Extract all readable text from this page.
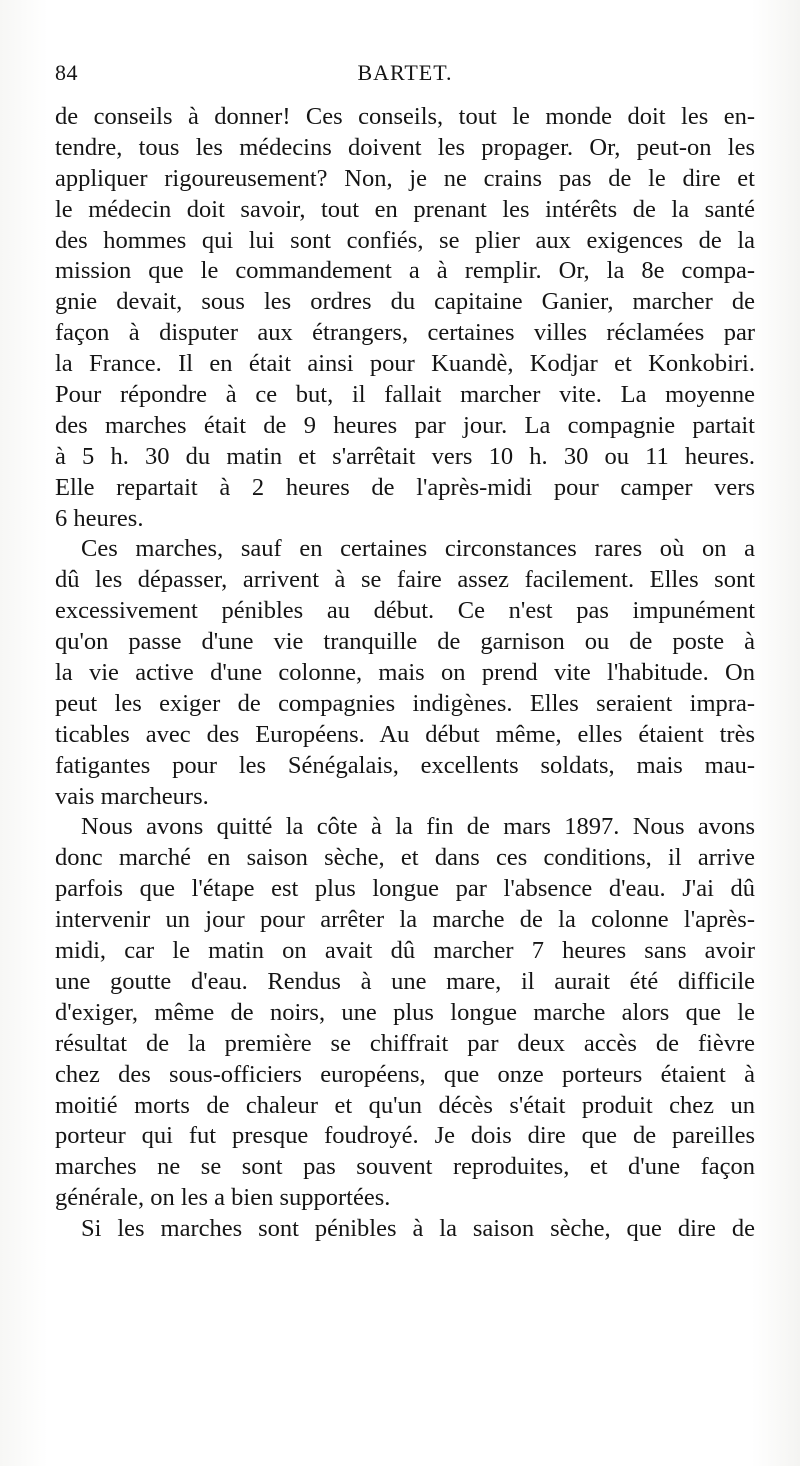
84	BARTET.
de conseils à donner! Ces conseils, tout le monde doit les en-
tendre, tous les médecins doivent les propager. Or, peut-on les
appliquer rigoureusement? Non, je ne crains pas de le dire et
le médecin doit savoir, tout en prenant les intérêts de la santé
des hommes qui lui sont confiés, se plier aux exigences de la
mission que le commandement a à remplir. Or, la 8e compa-
gnie devait, sous les ordres du capitaine Ganier, marcher de
façon à disputer aux étrangers, certaines villes réclamées par
la France. Il en était ainsi pour Kuandè, Kodjar et Konkobiri.
Pour répondre à ce but, il fallait marcher vite. La moyenne
des marches était de 9 heures par jour. La compagnie partait
à 5 h. 30 du matin et s'arrêtait vers 10 h. 30 ou 11 heures.
Elle repartait à 2 heures de l'après-midi pour camper vers
6 heures.
Ces marches, sauf en certaines circonstances rares où on a
dû les dépasser, arrivent à se faire assez facilement. Elles sont
excessivement pénibles au début. Ce n'est pas impunément
qu'on passe d'une vie tranquille de garnison ou de poste à
la vie active d'une colonne, mais on prend vite l'habitude. On
peut les exiger de compagnies indigènes. Elles seraient impra-
ticables avec des Européens. Au début même, elles étaient très
fatigantes pour les Sénégalais, excellents soldats, mais mau-
vais marcheurs.
Nous avons quitté la côte à la fin de mars 1897. Nous avons
donc marché en saison sèche, et dans ces conditions, il arrive
parfois que l'étape est plus longue par l'absence d'eau. J'ai dû
intervenir un jour pour arrêter la marche de la colonne l'après-
midi, car le matin on avait dû marcher 7 heures sans avoir
une goutte d'eau. Rendus à une mare, il aurait été difficile
d'exiger, même de noirs, une plus longue marche alors que le
résultat de la première se chiffrait par deux accès de fièvre
chez des sous-officiers européens, que onze porteurs étaient à
moitié morts de chaleur et qu'un décès s'était produit chez un
porteur qui fut presque foudroyé. Je dois dire que de pareilles
marches ne se sont pas souvent reproduites, et d'une façon
générale, on les a bien supportées.
Si les marches sont pénibles à la saison sèche, que dire de
